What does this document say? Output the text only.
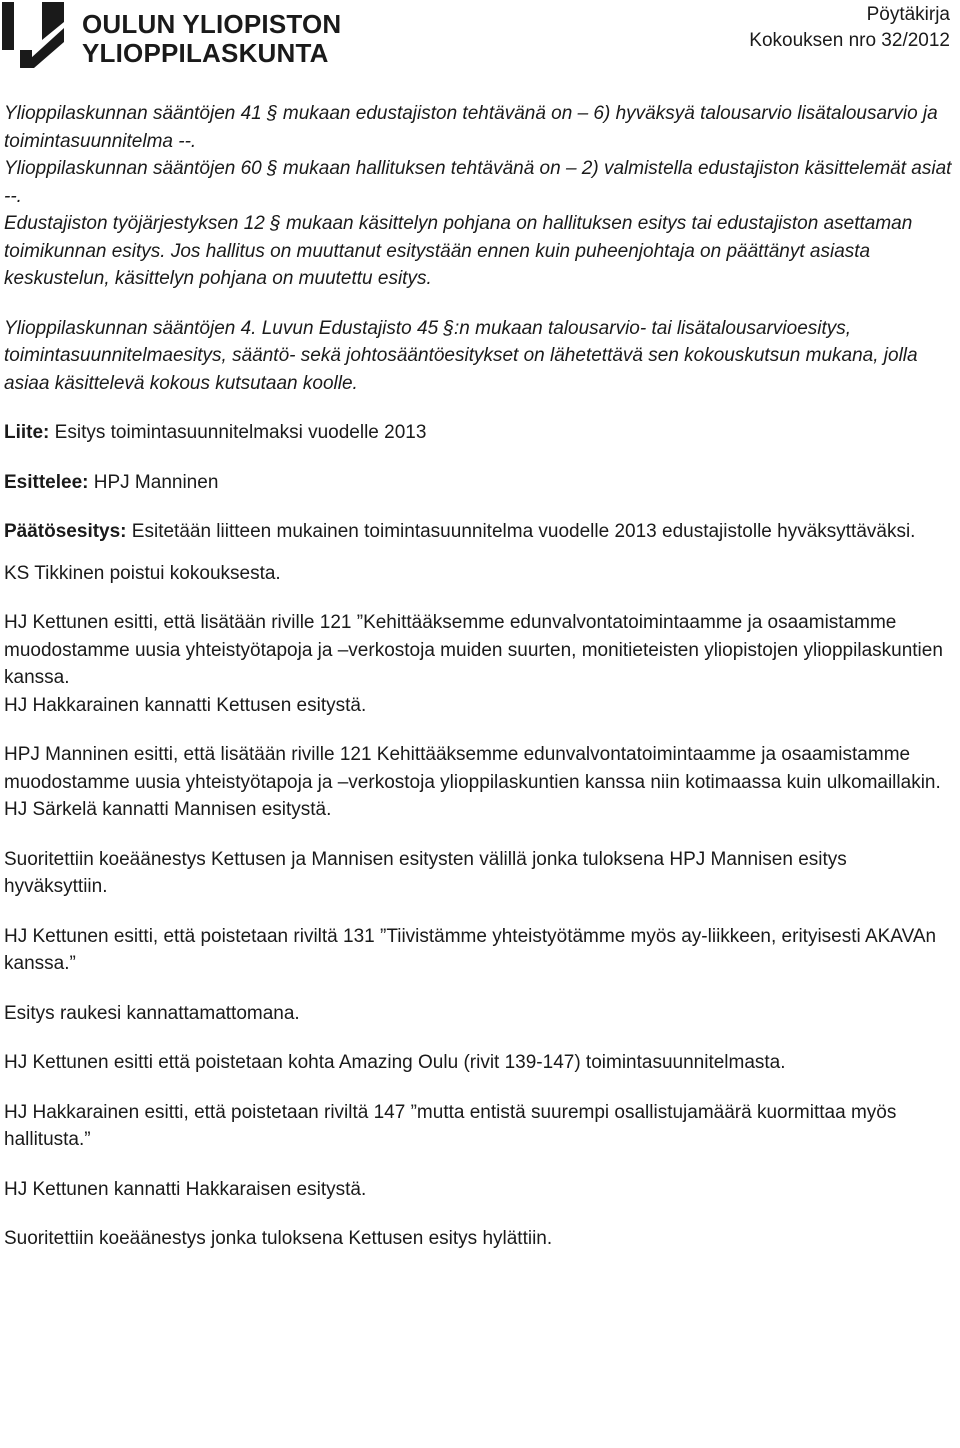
OULUN YLIOPISTON
YLIOPPILASKUNTA
Pöytäkirja
Kokouksen nro 32/2012

Ylioppilaskunnan sääntöjen 41 § mukaan edustajiston tehtävänä on – 6) hyväksyä talousarvio lisätalousarvio ja toimintasuunnitelma --.

Ylioppilaskunnan sääntöjen 60 § mukaan hallituksen tehtävänä on – 2) valmistella edustajiston käsittelemät asiat --.

Edustajiston työjärjestyksen 12 § mukaan käsittelyn pohjana on hallituksen esitys tai edustajiston asettaman toimikunnan esitys. Jos hallitus on muuttanut esitystään ennen kuin puheenjohtaja on päättänyt asiasta keskustelun, käsittelyn pohjana on muutettu esitys.

Ylioppilaskunnan sääntöjen 4. Luvun Edustajisto 45 §:n mukaan talousarvio- tai lisätalousarvioesitys, toimintasuunnitelmaesitys, sääntö- sekä johtosääntöesitykset on lähetettävä sen kokouskutsun mukana, jolla asiaa käsittelevä kokous kutsutaan koolle.

Liite: Esitys toimintasuunnitelmaksi vuodelle 2013

Esittelee: HPJ Manninen

Päätösesitys: Esitetään liitteen mukainen toimintasuunnitelma vuodelle 2013 edustajistolle hyväksyttäväksi.

KS Tikkinen poistui kokouksesta.

HJ Kettunen esitti, että lisätään riville 121 ”Kehittääksemme edunvalvontatoimintaamme ja osaamistamme muodostamme uusia yhteistyötapoja ja –verkostoja muiden suurten, monitieteisten yliopistojen ylioppilaskuntien kanssa.

HJ Hakkarainen kannatti Kettusen esitystä.

HPJ Manninen esitti, että lisätään riville 121 Kehittääksemme edunvalvontatoimintaamme ja osaamistamme muodostamme uusia yhteistyötapoja ja –verkostoja ylioppilaskuntien kanssa niin kotimaassa kuin ulkomaillakin.

HJ Särkelä kannatti Mannisen esitystä.

Suoritettiin koeäänestys Kettusen ja Mannisen esitysten välillä jonka tuloksena HPJ Mannisen esitys hyväksyttiin.

HJ Kettunen esitti, että poistetaan riviltä 131 ”Tiivistämme yhteistyötämme myös ay-liikkeen, erityisesti AKAVAn kanssa.”

Esitys raukesi kannattamattomana.

HJ Kettunen esitti että poistetaan kohta Amazing Oulu (rivit 139-147) toimintasuunnitelmasta.

HJ Hakkarainen esitti, että poistetaan riviltä 147 ”mutta entistä suurempi osallistujamäärä kuormittaa myös hallitusta.”

HJ Kettunen kannatti Hakkaraisen esitystä.

Suoritettiin koeäänestys jonka tuloksena Kettusen esitys hylättiin.
